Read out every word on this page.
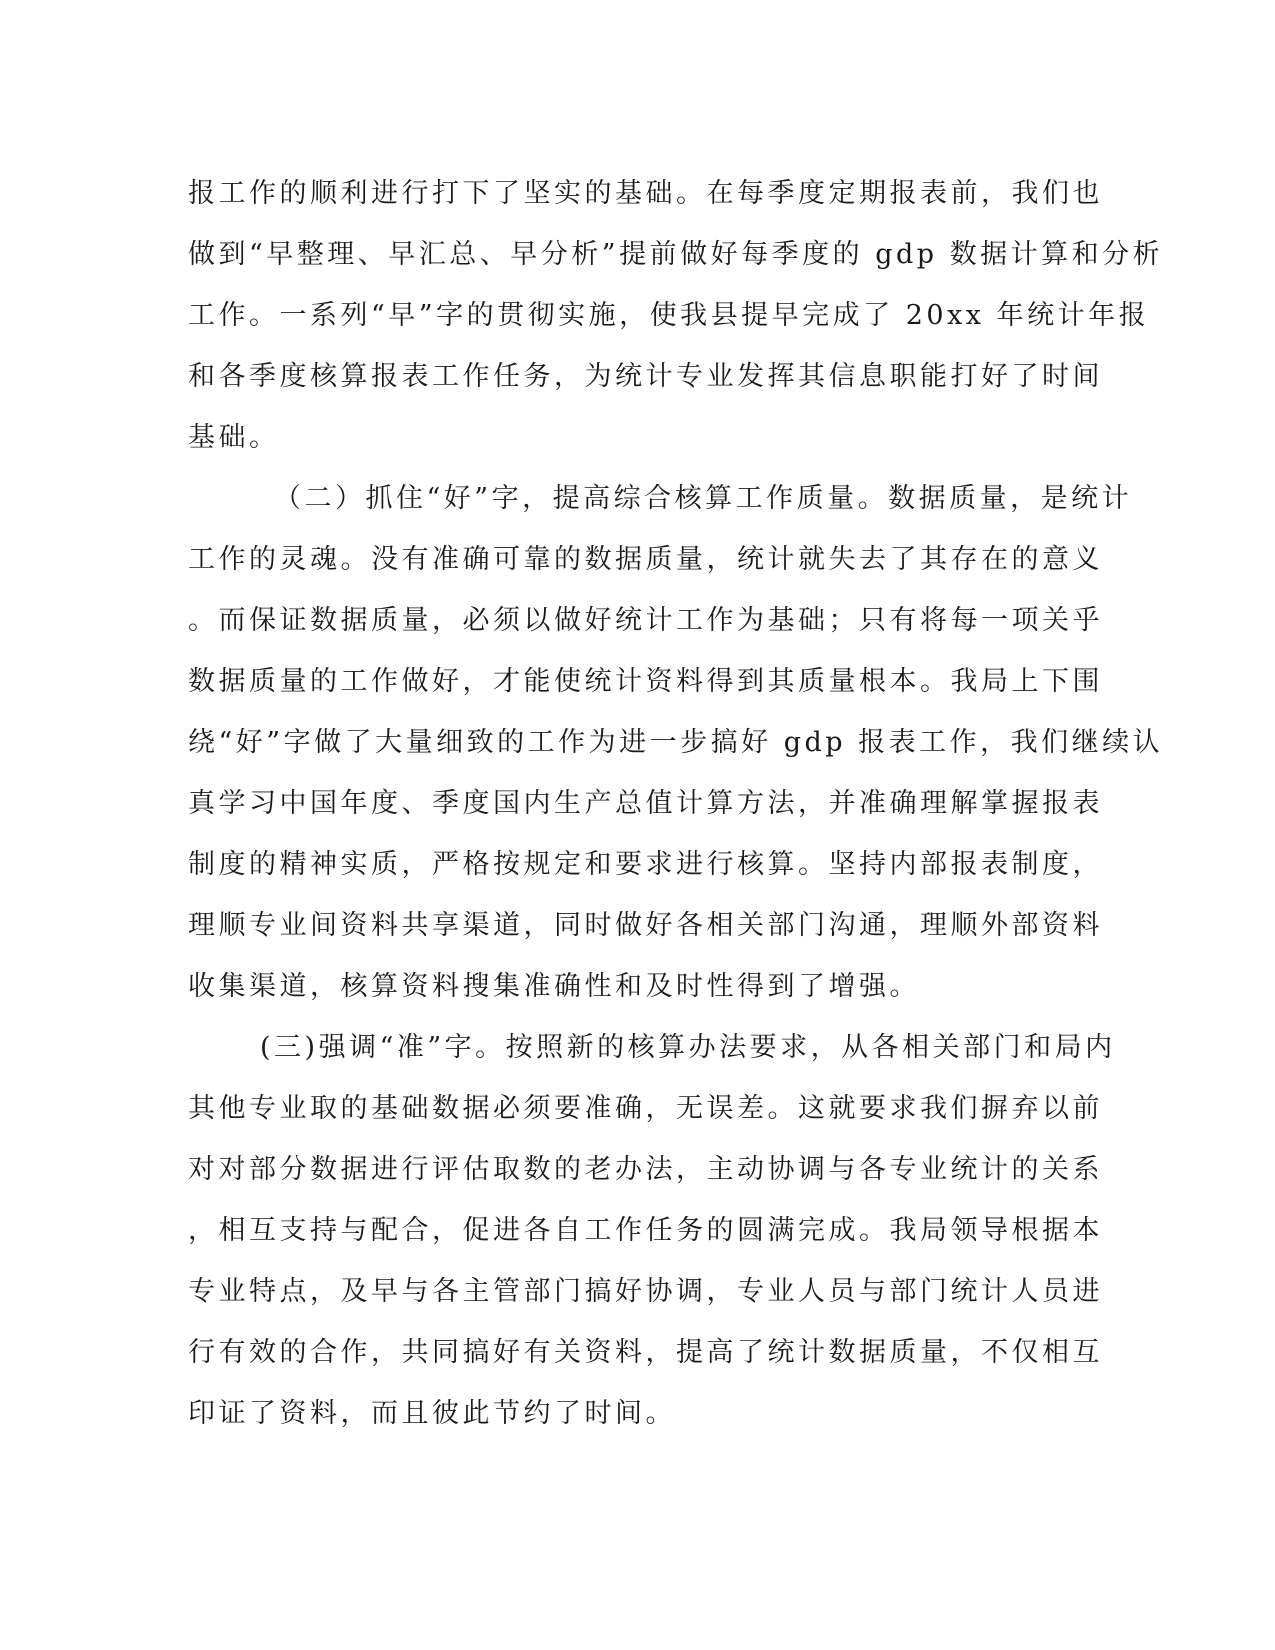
报工作的顺利进行打下了坚实的基础。在每季度定期报表前，我们也
做到“早整理、早汇总、早分析”提前做好每季度的 gdp 数据计算和分析
工作。一系列“早”字的贯彻实施，使我县提早完成了 20xx 年统计年报
和各季度核算报表工作任务，为统计专业发挥其信息职能打好了时间
基础。
（二）抓住“好”字，提高综合核算工作质量。数据质量，是统计
工作的灵魂。没有准确可靠的数据质量，统计就失去了其存在的意义
。而保证数据质量，必须以做好统计工作为基础；只有将每一项关乎
数据质量的工作做好，才能使统计资料得到其质量根本。我局上下围
绕“好”字做了大量细致的工作为进一步搞好 gdp 报表工作，我们继续认
真学习中国年度、季度国内生产总值计算方法，并准确理解掌握报表
制度的精神实质，严格按规定和要求进行核算。坚持内部报表制度，
理顺专业间资料共享渠道，同时做好各相关部门沟通，理顺外部资料
收集渠道，核算资料搜集准确性和及时性得到了增强。
(三)强调“准”字。按照新的核算办法要求，从各相关部门和局内
其他专业取的基础数据必须要准确，无误差。这就要求我们摒弃以前
对对部分数据进行评估取数的老办法，主动协调与各专业统计的关系
，相互支持与配合，促进各自工作任务的圆满完成。我局领导根据本
专业特点，及早与各主管部门搞好协调，专业人员与部门统计人员进
行有效的合作，共同搞好有关资料，提高了统计数据质量，不仅相互
印证了资料，而且彼此节约了时间。
